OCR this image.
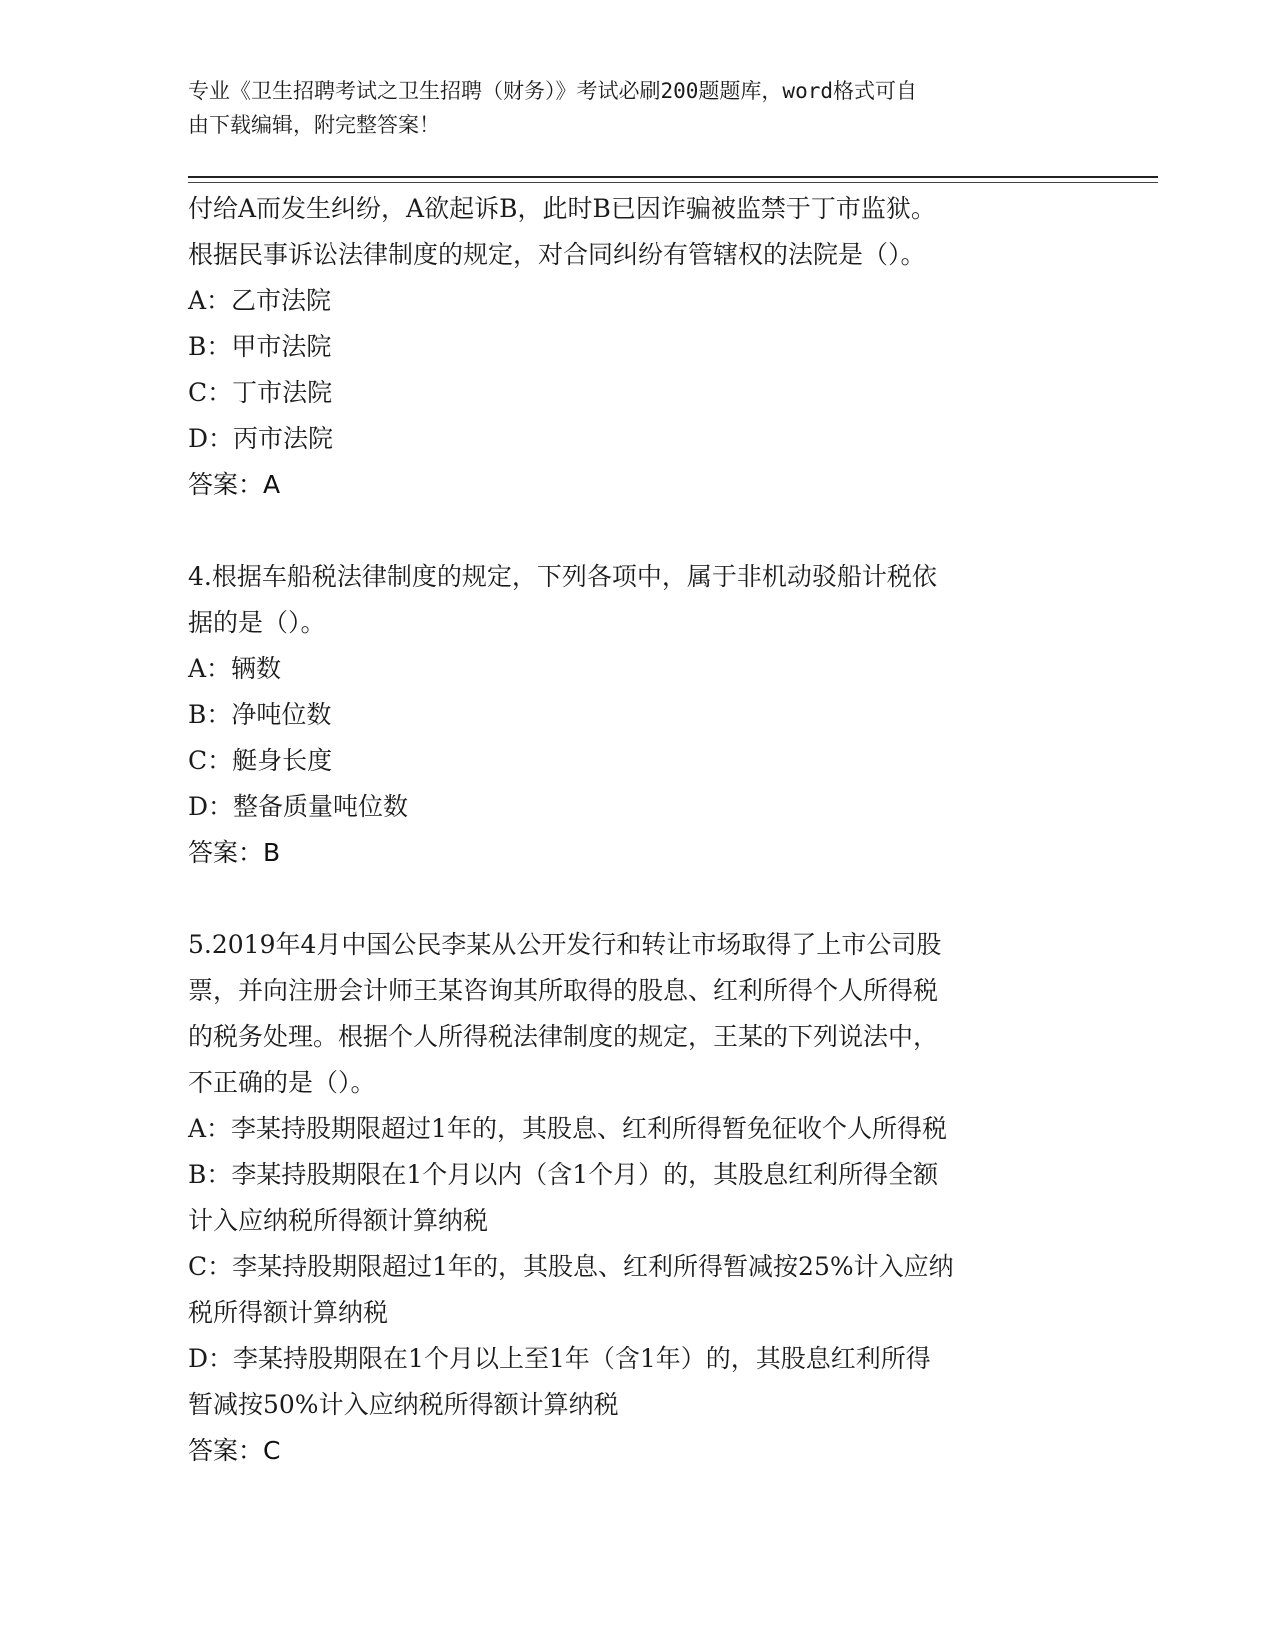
专业《卫生招聘考试之卫生招聘（财务）》考试必刷200题题库，word格式可自
由下载编辑，附完整答案！
付给A而发生纠纷，A欲起诉B，此时B已因诈骗被监禁于丁市监狱。
根据民事诉讼法律制度的规定，对合同纠纷有管辖权的法院是（）。
A：乙市法院
B：甲市法院
C：丁市法院
D：丙市法院
答案：A
4.根据车船税法律制度的规定，下列各项中，属于非机动驳船计税依
据的是（）。
A：辆数
B：净吨位数
C：艇身长度
D：整备质量吨位数
答案：B
5.2019年4月中国公民李某从公开发行和转让市场取得了上市公司股
票，并向注册会计师王某咨询其所取得的股息、红利所得个人所得税
的税务处理。根据个人所得税法律制度的规定，王某的下列说法中，
不正确的是（）。
A：李某持股期限超过1年的，其股息、红利所得暂免征收个人所得税
B：李某持股期限在1个月以内（含1个月）的，其股息红利所得全额
计入应纳税所得额计算纳税
C：李某持股期限超过1年的，其股息、红利所得暂减按25%计入应纳
税所得额计算纳税
D：李某持股期限在1个月以上至1年（含1年）的，其股息红利所得
暂减按50%计入应纳税所得额计算纳税
答案：C
